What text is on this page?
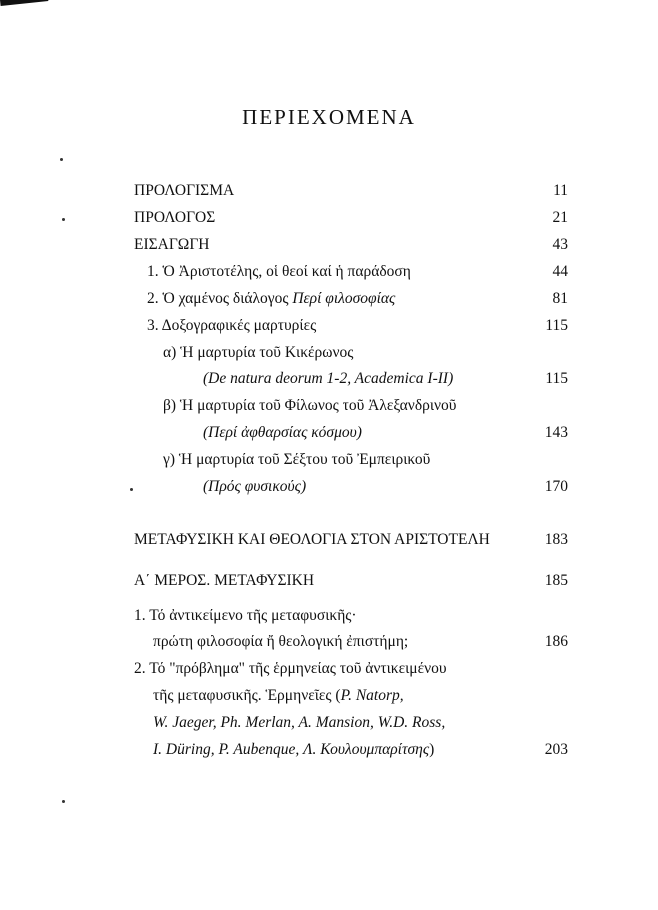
ΠΕΡΙΕΧΟΜΕΝΑ
ΠΡΟΛΟΓΙΣΜΑ	11
ΠΡΟΛΟΓΟΣ	21
ΕΙΣΑΓΩΓΗ	43
1. Ὁ Ἀριστοτέλης, οἱ θεοί καί ἡ παράδοση	44
2. Ὁ χαμένος διάλογος Περί φιλοσοφίας	81
3. Δοξογραφικές μαρτυρίες	115
α) Ἡ μαρτυρία τοῦ Κικέρωνος
(De natura deorum 1-2, Academica I-II)	115
β) Ἡ μαρτυρία τοῦ Φίλωνος τοῦ Ἀλεξανδρινοῦ
(Περί ἀφθαρσίας κόσμου)	143
γ) Ἡ μαρτυρία τοῦ Σέξτου τοῦ Ἐμπειρικοῦ
(Πρός φυσικούς)	170
ΜΕΤΑΦΥΣΙΚΗ ΚΑΙ ΘΕΟΛΟΓΙΑ ΣΤΟΝ ΑΡΙΣΤΟΤΕΛΗ	183
Α΄ ΜΕΡΟΣ. ΜΕΤΑΦΥΣΙΚΗ	185
1. Τό ἀντικείμενο τῆς μεταφυσικῆς·
πρώτη φιλοσοφία ἤ θεολογική ἐπιστήμη;	186
2. Τό "πρόβλημα" τῆς ἑρμηνείας τοῦ ἀντικειμένου
τῆς μεταφυσικῆς. Ἑρμηνεῖες (P. Natorp,
W. Jaeger, Ph. Merlan, A. Mansion, W.D. Ross,
I. Düring, P. Aubenque, Λ. Κουλουμπαρίτσης)	203
